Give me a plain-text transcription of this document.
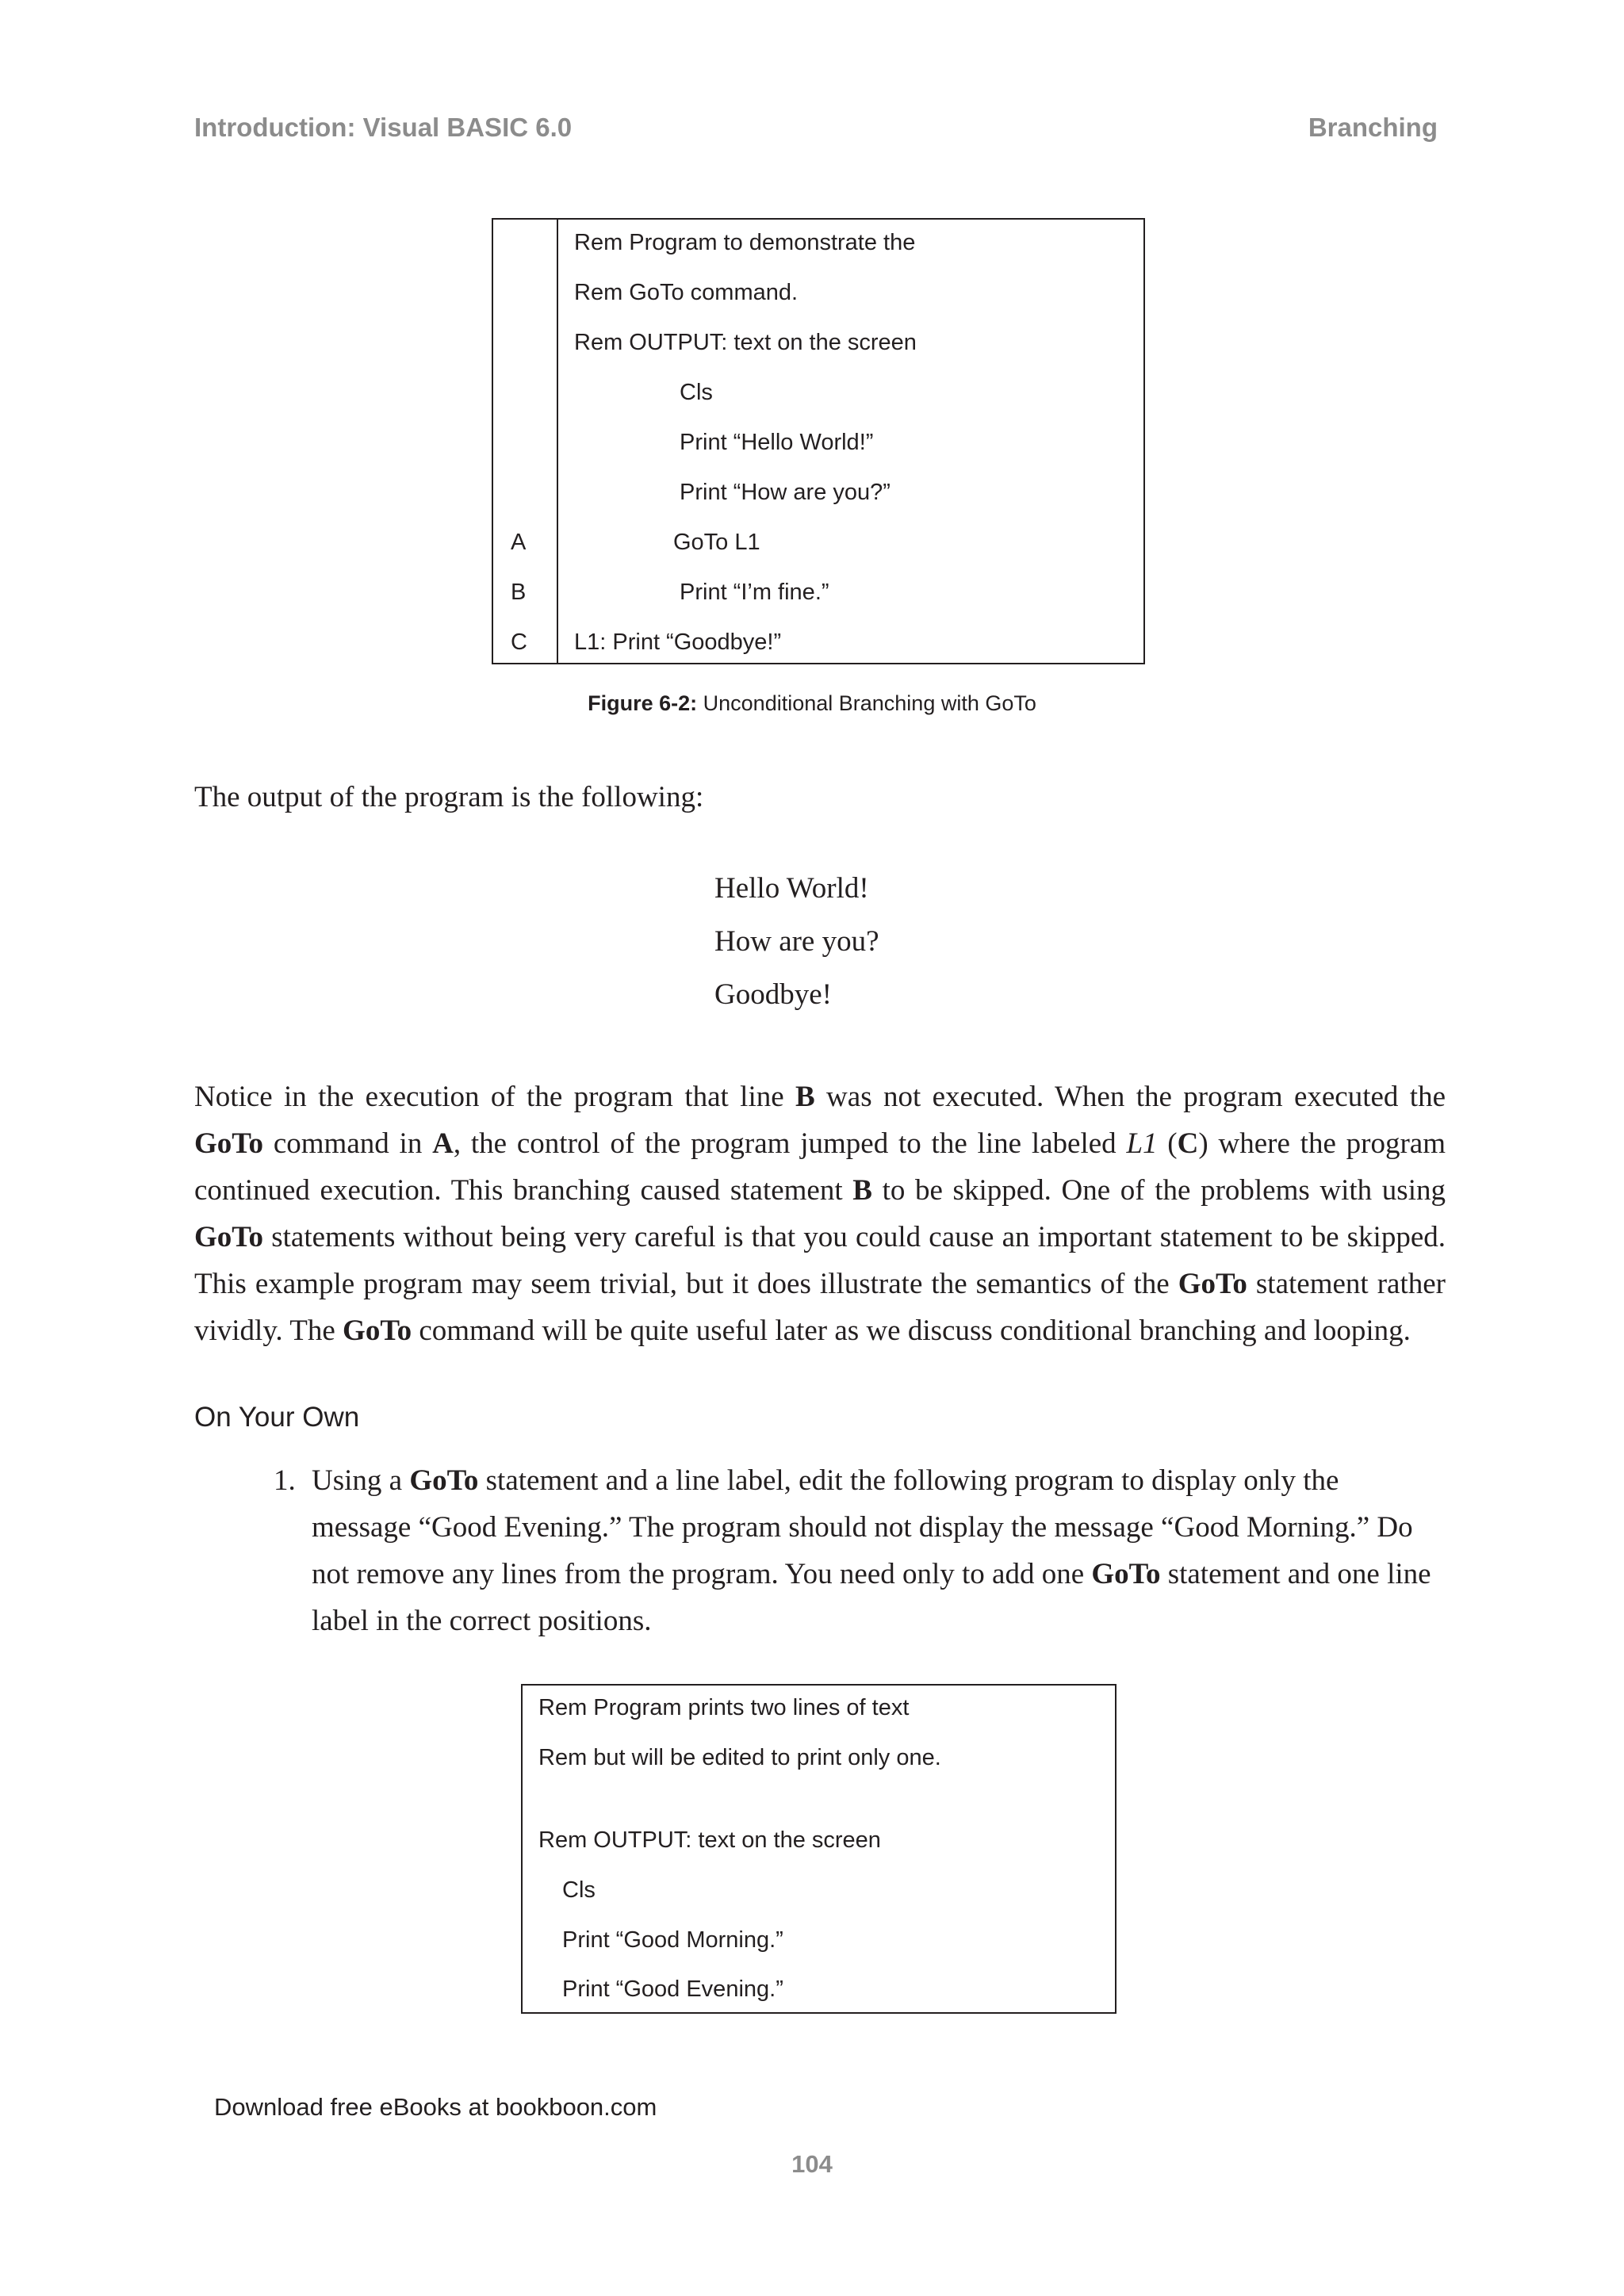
Introduction: Visual BASIC 6.0	Branching
Rem Program to demonstrate the
Rem GoTo command.
Rem OUTPUT: text on the screen
Cls
Print “Hello World!”
Print “How are you?”
A	GoTo L1
B	Print “I’m fine.”
C L1: Print “Goodbye!”
Figure 6-2: Unconditional Branching with GoTo
The output of the program is the following:
Hello World!
How are you?
Goodbye!
Notice in the execution of the program that line B was not executed. When the program executed the GoTo command in A, the control of the program jumped to the line labeled L1 (C) where the program continued execution. This branching caused statement B to be skipped. One of the problems with using GoTo statements without being very careful is that you could cause an important statement to be skipped. This example program may seem trivial, but it does illustrate the semantics of the GoTo statement rather vividly. The GoTo command will be quite useful later as we discuss conditional branching and looping.
On Your Own
1. Using a GoTo statement and a line label, edit the following program to display only the message “Good Evening.” The program should not display the message “Good Morning.” Do not remove any lines from the program. You need only to add one GoTo statement and one line label in the correct positions.
Rem Program prints two lines of text
Rem but will be edited to print only one.
Rem OUTPUT: text on the screen
Cls
Print “Good Morning.”
Print “Good Evening.”
Download free eBooks at bookboon.com
104
